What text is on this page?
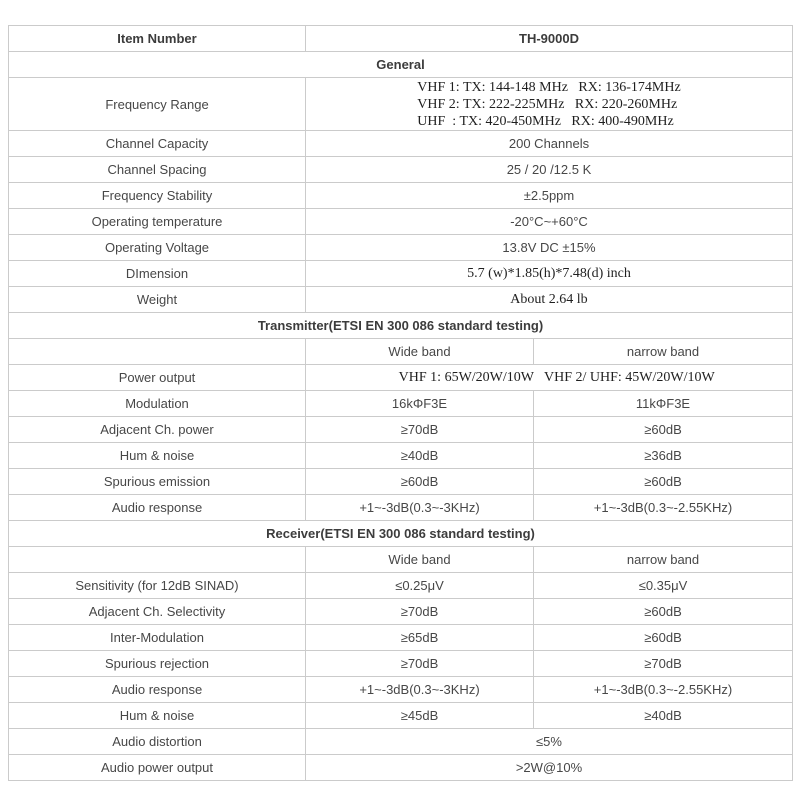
Item Number	TH-9000D	
General		
Frequency Range	VHF 1: TX: 144-148 MHz   RX: 136-174MHz
VHF 2: TX: 222-225MHz   RX: 220-260MHz
UHF  : TX: 420-450MHz   RX: 400-490MHz	

Channel Capacity	200 Channels	
Channel Spacing	25 / 20 /12.5 K	
Frequency Stability	±2.5ppm	
Operating temperature	-20°C~+60°C	
Operating Voltage	13.8V DC ±15%	
DImension	5.7 (w)*1.85(h)*7.48(d) inch	
Weight	About 2.64 lb	
Transmitter(ETSI EN 300 086 standard testing)		
	Wide band	narrow band
Power output	VHF 1: 65W/20W/10W VHF 2/ UHF: 45W/20W/10W	

Modulation	16kΦF3E	11kΦF3E
Adjacent Ch. power	≥70dB	≥60dB
Hum & noise	≥40dB	≥36dB
Spurious emission	≥60dB	≥60dB
Audio response	+1~-3dB(0.3~-3KHz)	+1~-3dB(0.3~-2.55KHz)
Receiver(ETSI EN 300 086 standard testing)		
	Wide band	narrow band
Sensitivity (for 12dB SINAD)	≤0.25μV	≤0.35μV
Adjacent Ch. Selectivity	≥70dB	≥60dB
Inter-Modulation	≥65dB	≥60dB
Spurious rejection	≥70dB	≥70dB
Audio response	+1~-3dB(0.3~-3KHz)	+1~-3dB(0.3~-2.55KHz)
Hum & noise	≥45dB	≥40dB
Audio distortion	≤5%	
Audio power output	>2W@10%	
